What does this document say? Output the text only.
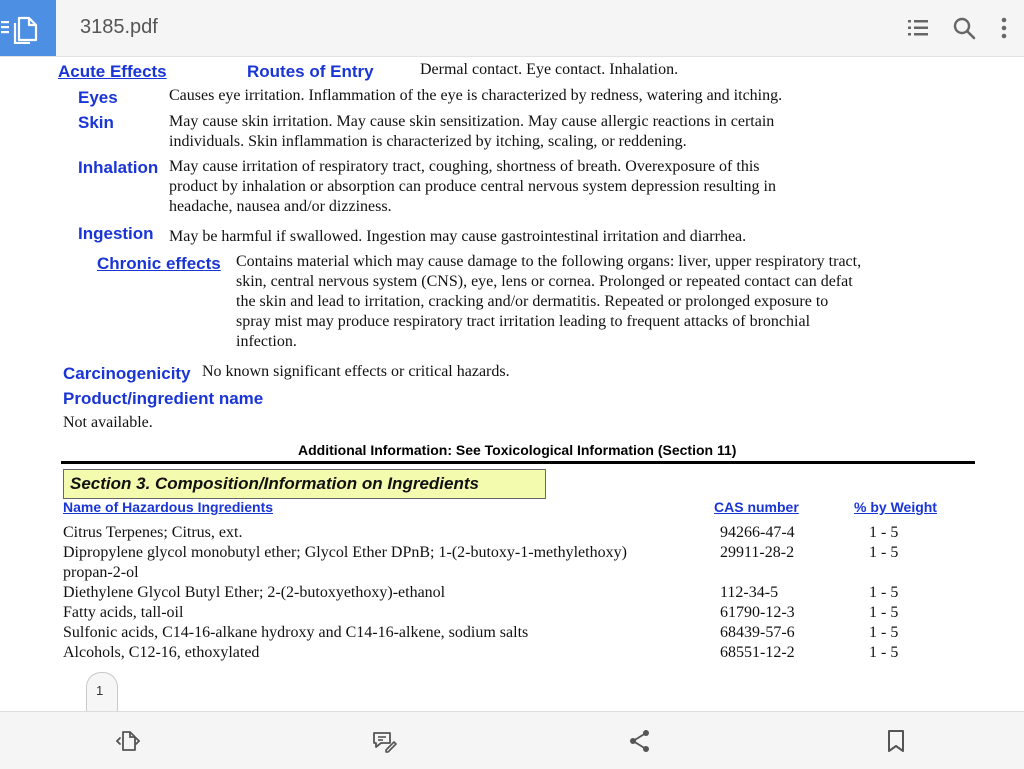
3185.pdf
Acute Effects	Routes of Entry	Dermal contact. Eye contact. Inhalation.
Eyes	Causes eye irritation. Inflammation of the eye is characterized by redness, watering and itching.
Skin	May cause skin irritation. May cause skin sensitization. May cause allergic reactions in certain
individuals. Skin inflammation is characterized by itching, scaling, or reddening.
Inhalation May cause irritation of respiratory tract, coughing, shortness of breath. Overexposure of this
product by inhalation or absorption can produce central nervous system depression resulting in
headache, nausea and/or dizziness.
Ingestion May be harmful if swallowed. Ingestion may cause gastrointestinal irritation and diarrhea.
Chronic effects Contains material which may cause damage to the following organs: liver, upper respiratory tract,
skin, central nervous system (CNS), eye, lens or cornea. Prolonged or repeated contact can defat
the skin and lead to irritation, cracking and/or dermatitis. Repeated or prolonged exposure to
spray mist may produce respiratory tract irritation leading to frequent attacks of bronchial
infection.
Carcinogenicity No known significant effects or critical hazards.
Product/ingredient name
Not available.
Additional Information: See Toxicological Information (Section 11)
Section 3. Composition/Information on Ingredients
Name of Hazardous Ingredients	CAS number	% by Weight
Citrus Terpenes; Citrus, ext.	94266-47-4	1 - 5
Dipropylene glycol monobutyl ether; Glycol Ether DPnB; 1-(2-butoxy-1-methylethoxy)
propan-2-ol
29911-28-2	1 - 5
Diethylene Glycol Butyl Ether; 2-(2-butoxyethoxy)-ethanol	112-34-5	1 - 5
Fatty acids, tall-oil	61790-12-3	1 - 5
Sulfonic acids, C14-16-alkane hydroxy and C14-16-alkene, sodium salts	68439-57-6	1 - 5
Alcohols, C12-16, ethoxylated	68551-12-2	1 - 5
1
